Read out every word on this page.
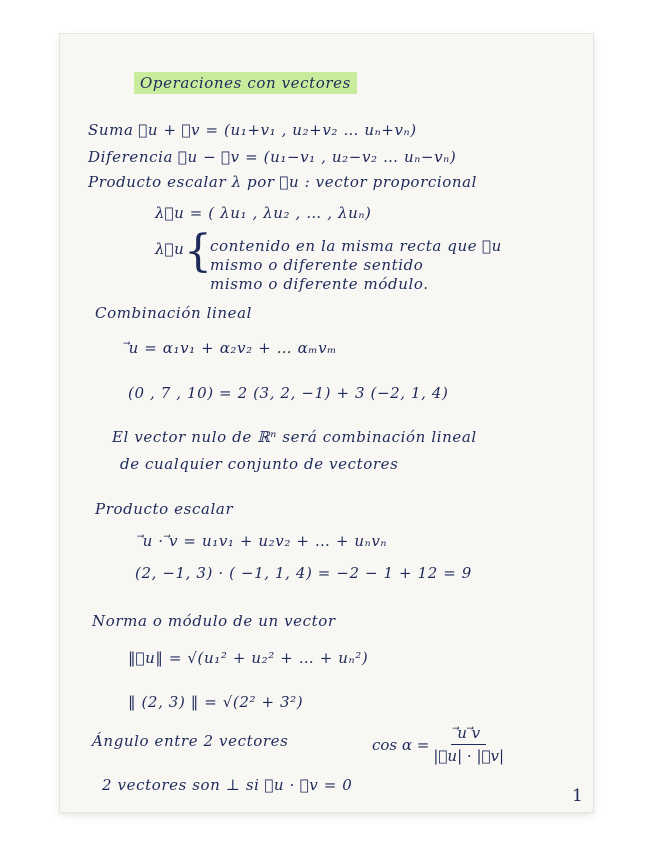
Operaciones con vectores
Suma ⃗u + ⃗v = (u₁+v₁ , u₂+v₂ … uₙ+vₙ)
Diferencia ⃗u − ⃗v = (u₁−v₁ , u₂−v₂ … uₙ−vₙ)
Producto escalar λ por ⃗u : vector proporcional
λ⃗u = ( λu₁ , λu₂ , … , λuₙ)
λ⃗u {
contenido en la misma recta que ⃗u
mismo o diferente sentido
mismo o diferente módulo.
Combinación lineal
⃗u = α₁v₁ + α₂v₂ + … αₘvₘ
(0 , 7 , 10) = 2 (3, 2, −1) + 3 (−2, 1, 4)
El vector nulo de ℝⁿ será combinación lineal
de cualquier conjunto de vectores
Producto escalar
⃗u · ⃗v = u₁v₁ + u₂v₂ + … + uₙvₙ
(2, −1, 3) · ( −1, 1, 4) = −2 − 1 + 12 = 9
Norma o módulo de un vector
‖⃗u‖ = √(u₁² + u₂² + … + uₙ²)
‖ (2, 3) ‖ = √(2² + 3²)
Ángulo entre 2 vectores	$\cos \alpha = \frac{⃗u ⃗v}{|⃗u| \cdot |⃗v|}$
2 vectores son ⊥ si ⃗u · ⃗v = 0
1
